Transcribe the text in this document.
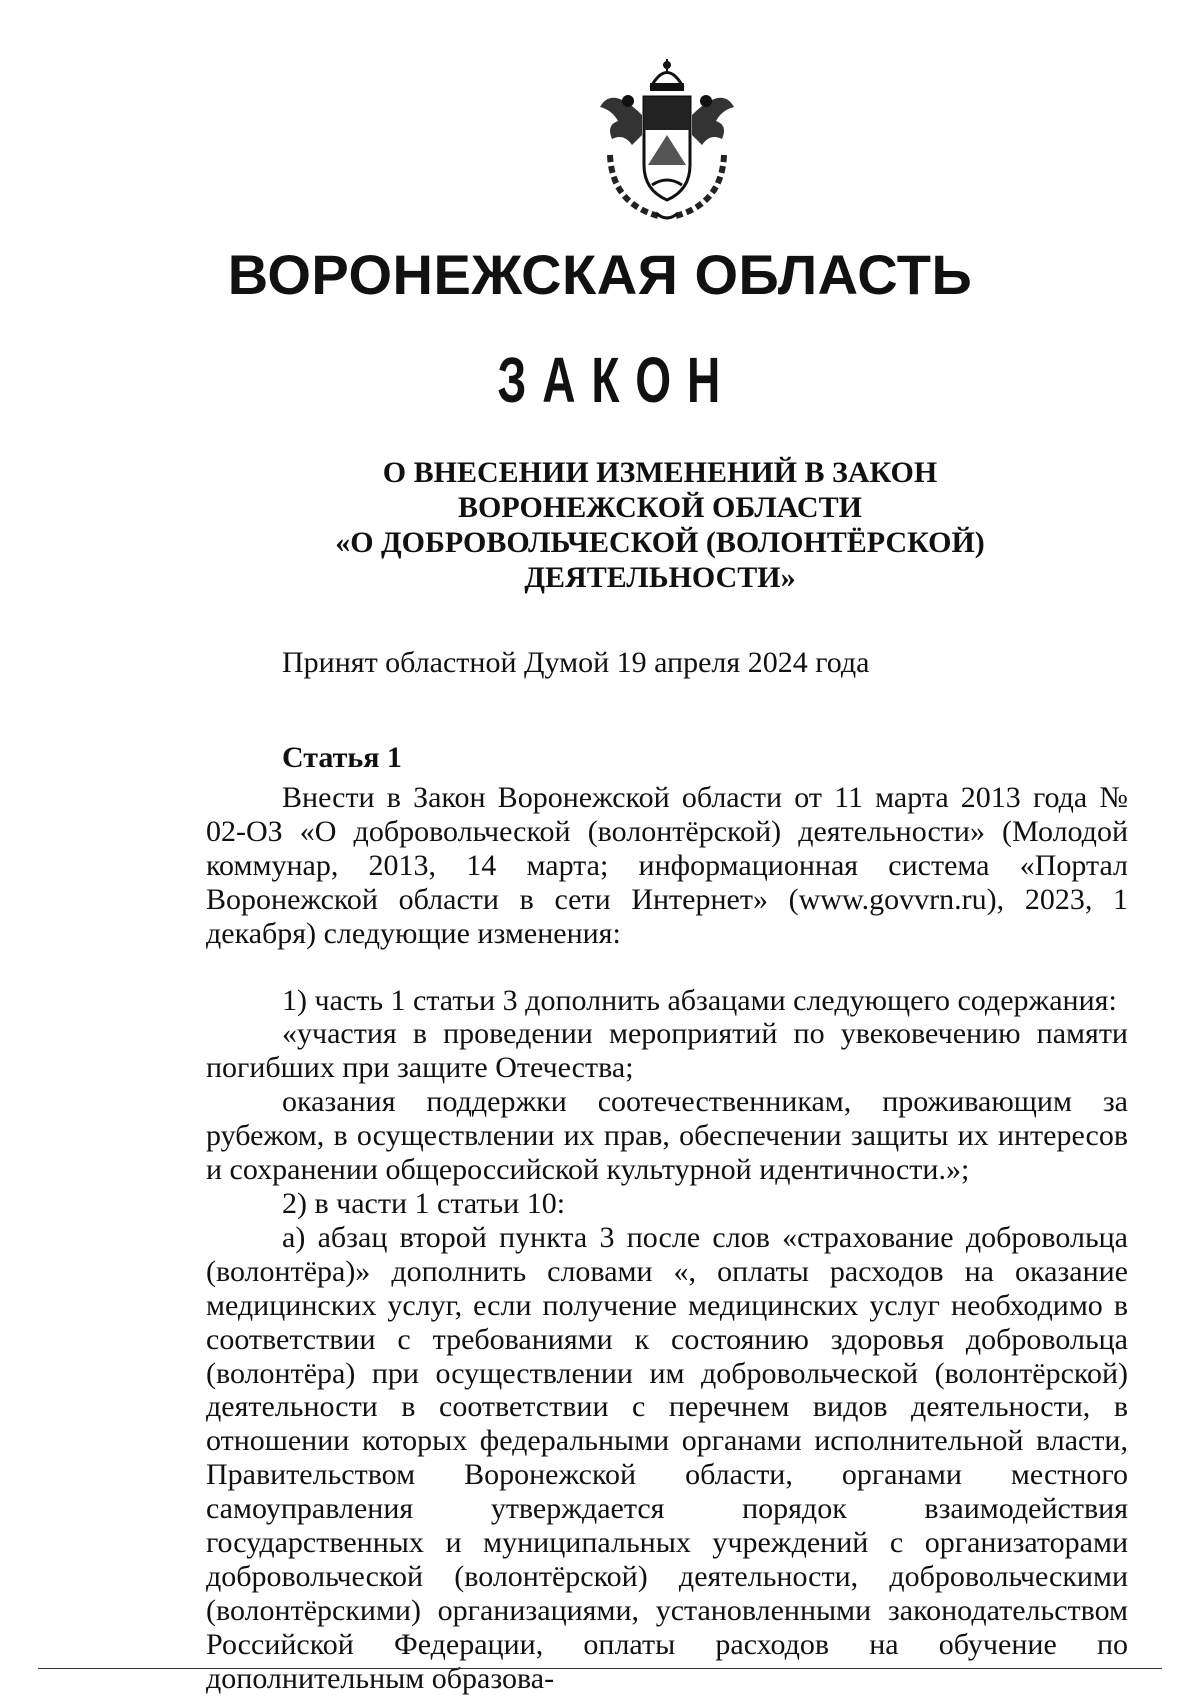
ВОРОНЕЖСКАЯ ОБЛАСТЬ
ЗАКОН
О ВНЕСЕНИИ ИЗМЕНЕНИЙ В ЗАКОН
ВОРОНЕЖСКОЙ ОБЛАСТИ
«О ДОБРОВОЛЬЧЕСКОЙ (ВОЛОНТЁРСКОЙ)
ДЕЯТЕЛЬНОСТИ»
Принят областной Думой 19 апреля 2024 года
Статья 1

Внести в Закон Воронежской области от 11 марта 2013 года № 02-ОЗ «О добровольческой (волонтёрской) деятельности» (Молодой коммунар, 2013, 14 марта; информационная система «Портал Воронежской области в сети Интернет» (www.govvrn.ru), 2023, 1 декабря) следующие изменения:

1) часть 1 статьи 3 дополнить абзацами следующего содержания:

«участия в проведении мероприятий по увековечению памяти погибших при защите Отечества;

оказания поддержки соотечественникам, проживающим за рубежом, в осуществлении их прав, обеспечении защиты их интересов и сохранении общероссийской культурной идентичности.»;

2) в части 1 статьи 10:

а) абзац второй пункта 3 после слов «страхование добровольца (волонтёра)» дополнить словами «, оплаты расходов на оказание медицинских услуг, если получение медицинских услуг необходимо в соответствии с требованиями к состоянию здоровья добровольца (волонтёра) при осуществлении им добровольческой (волонтёрской) деятельности в соответствии с перечнем видов деятельности, в отношении которых федеральными органами исполнительной власти, Правительством Воронежской области, органами местного самоуправления утверждается порядок взаимодействия государственных и муниципальных учреждений с организаторами добровольческой (волонтёрской) деятельности, добровольческими (волонтёрскими) организациями, установленными законодательством Российской Федерации, оплаты расходов на обучение по дополнительным образова-
